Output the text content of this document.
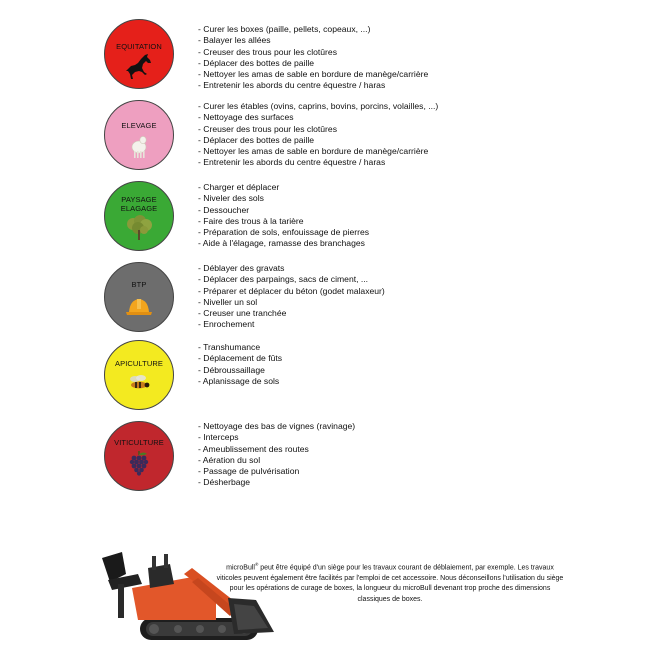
EQUITATION
- Curer les boxes (paille, pellets, copeaux, ...)
- Balayer les allées
- Creuser des trous pour les clotûres
- Déplacer des bottes de paille
- Nettoyer les amas de sable en bordure de manège/carrière
- Entretenir les abords du centre équestre / haras
ELEVAGE
- Curer les étables (ovins, caprins, bovins, porcins, volailles, ...)
- Nettoyage des surfaces
- Creuser des trous pour les clotûres
- Déplacer des bottes de paille
- Nettoyer les amas de sable en bordure de manège/carrière
- Entretenir les abords du centre équestre / haras
PAYSAGE
ELAGAGE
- Charger et déplacer
- Niveler des sols
- Dessoucher
- Faire des trous à la tarière
- Préparation de sols, enfouissage de pierres
- Aide à l'élagage, ramasse des branchages
BTP
- Déblayer des gravats
- Déplacer des parpaings, sacs de ciment, ...
- Préparer et déplacer du béton (godet malaxeur)
- Niveller un sol
- Creuser une tranchée
- Enrochement
APICULTURE
- Transhumance
- Déplacement de fûts
- Débroussaillage
- Aplanissage de sols
VITICULTURE
- Nettoyage des bas de vignes (ravinage)
- Interceps
- Ameublissement des routes
- Aération du sol
- Passage de pulvérisation
- Désherbage
microBull® peut être équipé d'un siège pour les travaux courant de déblaiement, par exemple. Les travaux viticoles peuvent également être facilités par l'emploi de cet accessoire. Nous déconseillons l'utilisation du siège pour les opérations de curage de boxes, la longueur du microBull devenant trop proche des dimensions classiques de boxes.
